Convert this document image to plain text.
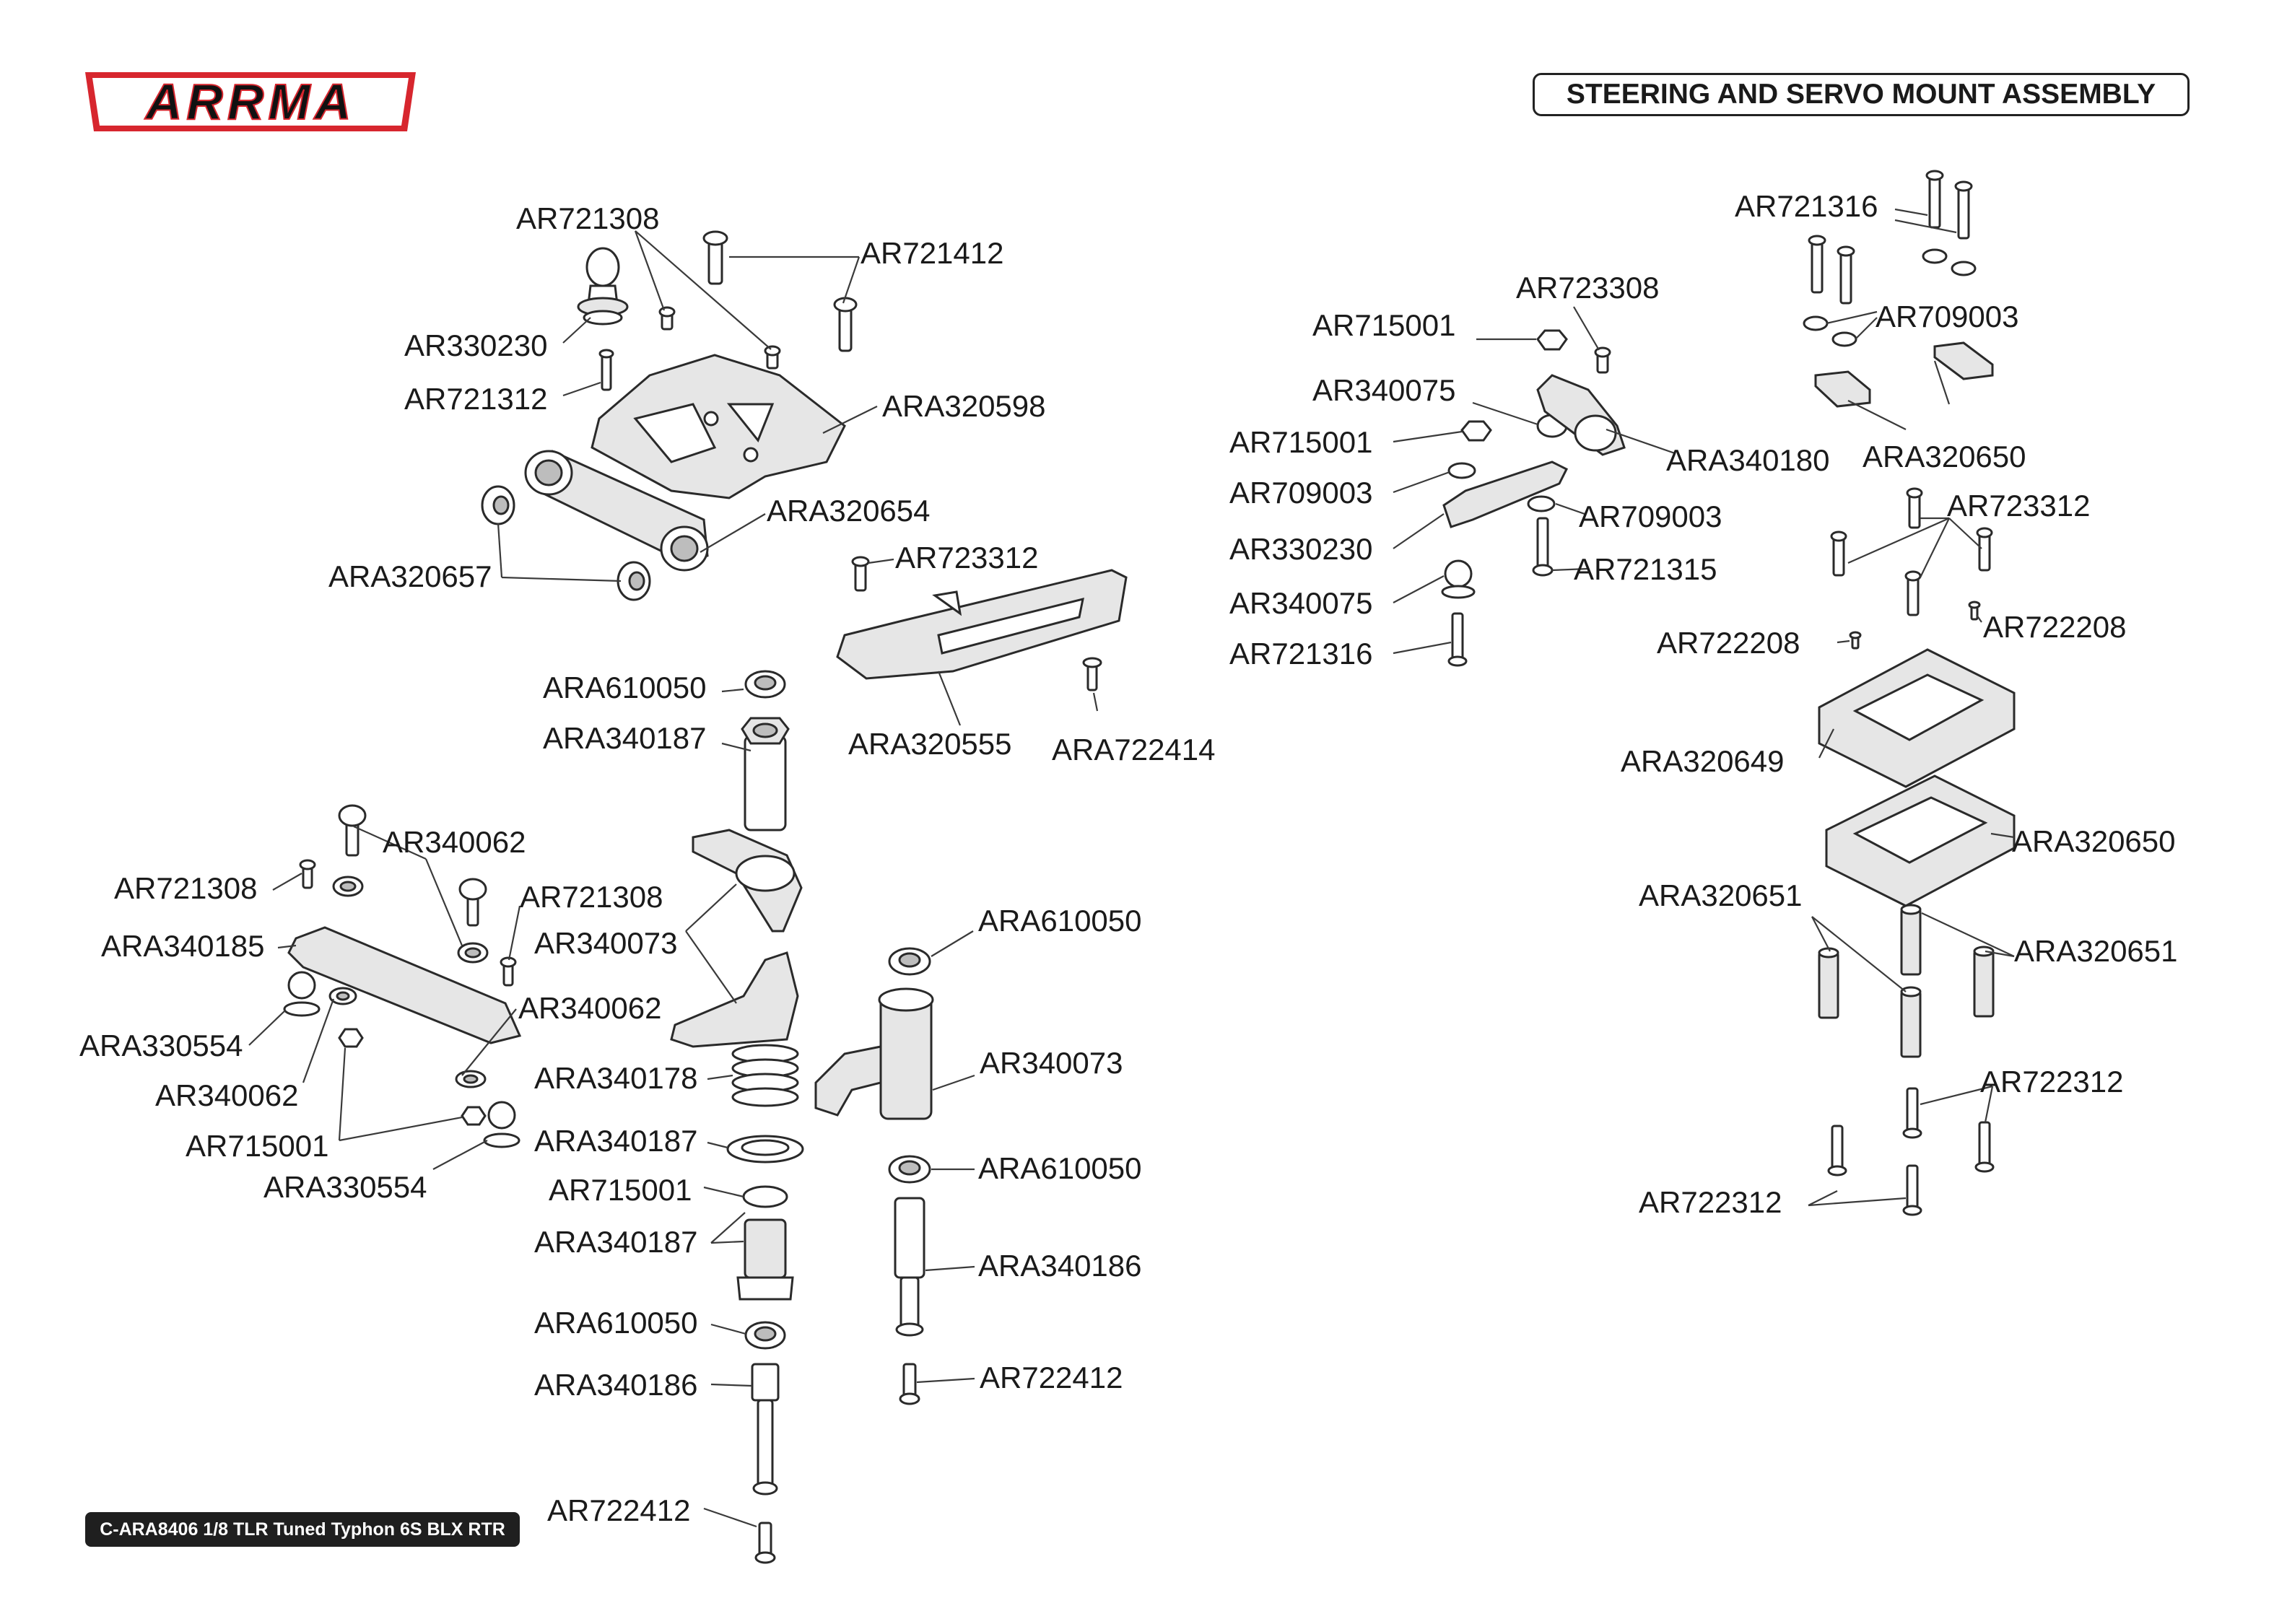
ARRMA	STEERING AND SERVO MOUNT ASSEMBLY
C-ARA8406 1/8 TLR Tuned Typhon 6S BLX RTR
AR721308
AR721412
AR330230
AR721312	ARA320598
ARA320654
ARA320657
AR723312
ARA610050
ARA340187	ARA320555 ARA722414
AR340062
AR721308	AR721308
ARA340185	AR340073
AR340062
ARA330554
AR340062
AR715001
ARA330554
ARA340178
ARA340187
AR715001
ARA340187
ARA610050
ARA340186
AR722412
ARA610050
AR340073
ARA610050
ARA340186
AR722412
AR715001
AR723308
AR340075
AR715001
ARA340180
AR709003
AR709003
AR330230
AR721315
AR340075
AR721316
AR721316
AR709003
ARA320650
AR723312
AR722208	AR722208
ARA320649
ARA320650
ARA320651
ARA320651
AR722312
AR722312
